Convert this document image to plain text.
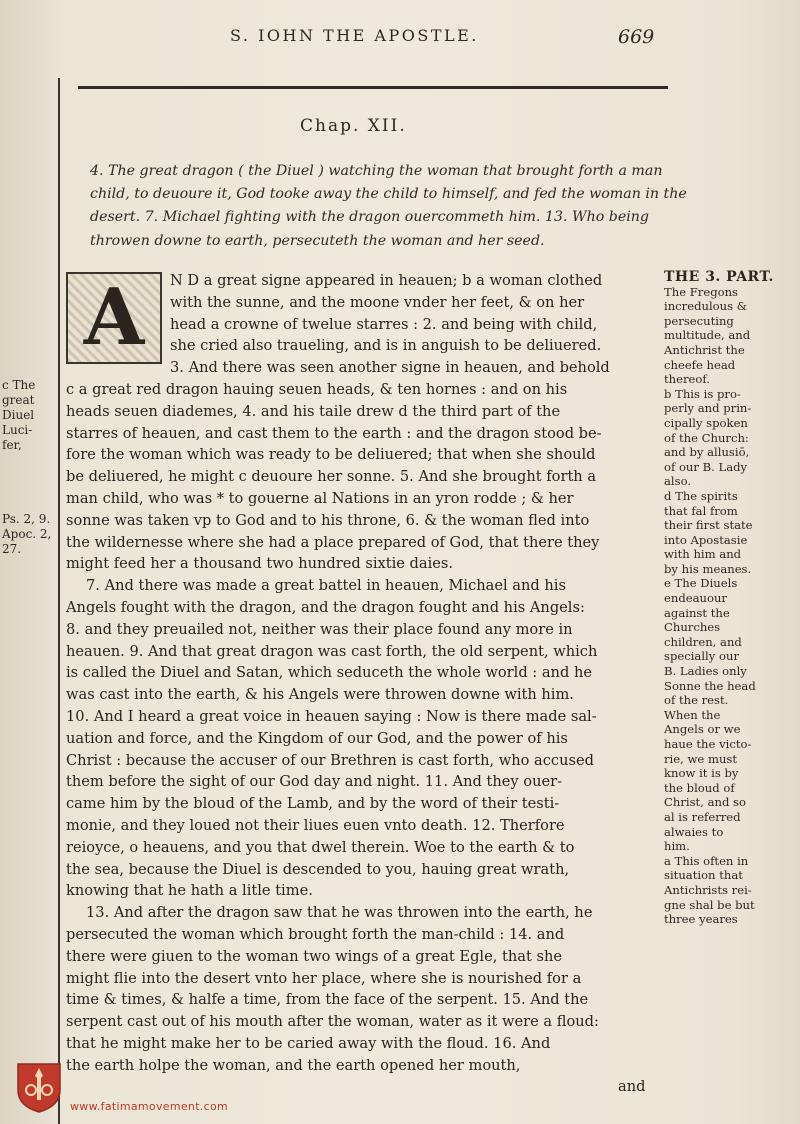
S. IOHN THE APOSTLE.	669
Chap. XII.
4. The great dragon ( the Diuel ) watching the woman that brought forth a man
child, to deuoure it, God tooke away the child to himself, and fed the woman in the
desert. 7. Michael fighting with the dragon ouercommeth him. 13. Who being
throwen downe to earth, persecuteth the woman and her seed.
A	N D a great signe appeared in heauen; b a woman clothed
with the sunne, and the moone vnder her feet, & on her
head a crowne of twelue starres : 2. and being with child,
she cried also traueling, and is in anguish to be deliuered.
3. And there was seen another signe in heauen, and behold
c a great red dragon hauing seuen heads, & ten hornes : and on his
heads seuen diademes, 4. and his taile drew d the third part of the
starres of heauen, and cast them to the earth : and the dragon stood be-
fore the woman which was ready to be deliuered; that when she should
be deliuered, he might c deuoure her sonne. 5. And she brought forth a
man child, who was * to gouerne al Nations in an yron rodde ; & her
sonne was taken vp to God and to his throne, 6. & the woman fled into
the wildernesse where she had a place prepared of God, that there they
might feed her a thousand two hundred sixtie daies.
7. And there was made a great battel in heauen, Michael and his
Angels fought with the dragon, and the dragon fought and his Angels:
8. and they preuailed not, neither was their place found any more in
heauen. 9. And that great dragon was cast forth, the old serpent, which
is called the Diuel and Satan, which seduceth the whole world : and he
was cast into the earth, & his Angels were throwen downe with him.
10. And I heard a great voice in heauen saying : Now is there made sal-
uation and force, and the Kingdom of our God, and the power of his
Christ : because the accuser of our Brethren is cast forth, who accused
them before the sight of our God day and night. 11. And they ouer-
came him by the bloud of the Lamb, and by the word of their testi-
monie, and they loued not their liues euen vnto death. 12. Therfore
reioyce, o heauens, and you that dwel therein. Woe to the earth & to
the sea, because the Diuel is descended to you, hauing great wrath,
knowing that he hath a litle time.
13. And after the dragon saw that he was throwen into the earth, he
persecuted the woman which brought forth the man-child : 14. and
there were giuen to the woman two wings of a great Egle, that she
might flie into the desert vnto her place, where she is nourished for a
time & times, & halfe a time, from the face of the serpent. 15. And the
serpent cast out of his mouth after the woman, water as it were a floud:
that he might make her to be caried away with the floud. 16. And
the earth holpe the woman, and the earth opened her mouth,
THE 3. PART.
The Fregons
incredulous &
persecuting
multitude, and
Antichrist the
cheefe head
thereof.
b This is pro-
perly and prin-
cipally spoken
of the Church:
and by allusiō,
of our B. Lady
also.
d The spirits
that fal from
their first state
into Apostasie
with him and
by his meanes.
e The Diuels
endeauour
against the
Churches
children, and
specially our
B. Ladies only
Sonne the head
of the rest.
When the
Angels or we
haue the victo-
rie, we must
know it is by
the bloud of
Christ, and so
al is referred
alwaies to
him.
a This often in
situation that
Antichrists rei-
gne shal be but
three yeares
c The
great
Diuel
Luci-
fer,
Ps. 2, 9.
Apoc. 2,
27.
and
www.fatimamovement.com
